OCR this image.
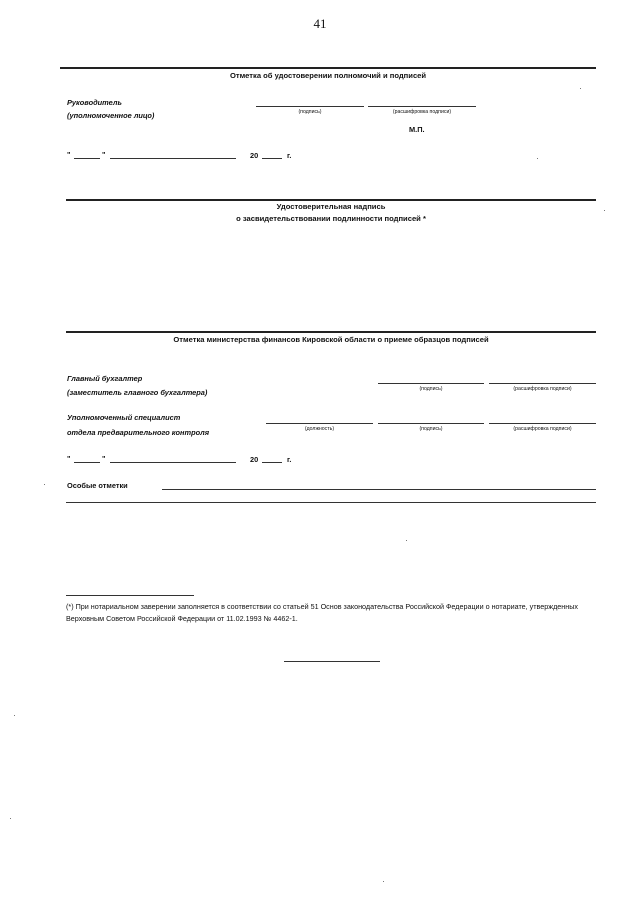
41
Отметка об удостоверении полномочий и подписей
Руководитель
(уполномоченное лицо)	(подпись)	(расшифровка подписи)
М.П.
"	"	20	г.
Удостоверительная надпись
о засвидетельствовании подлинности подписей *
Отметка министерства финансов Кировской области о приеме образцов подписей
Главный бухгалтер
(заместитель главного бухгалтера)	(подпись)	(расшифровка подписи)
Уполномоченный специалист
отдела предварительного контроля	(должность)	(подпись)	(расшифровка подписи)
"	"	20	г.
Особые отметки
(*) При нотариальном заверении заполняется в соответствии со статьей 51 Основ законодательства Российской Федерации о нотариате, утвержденных Верховным Советом Российской Федерации от 11.02.1993 № 4462-1.
